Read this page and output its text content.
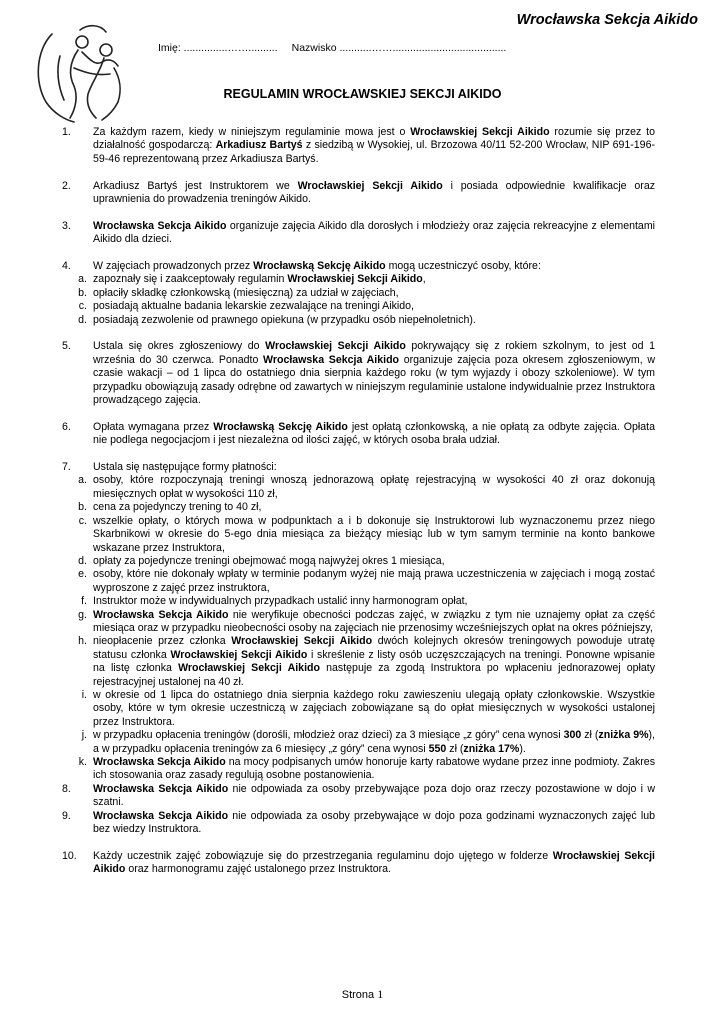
Wrocławska Sekcja Aikido
Imię: ...............…….......... Nazwisko ...........…….......................................
REGULAMIN WROCŁAWSKIEJ SEKCJI AIKIDO
1.	Za każdym razem, kiedy w niniejszym regulaminie mowa jest o Wrocławskiej Sekcji Aikido rozumie się przez to działalność gospodarczą: Arkadiusz Bartyś z siedzibą w Wysokiej, ul. Brzozowa 40/11 52-200 Wrocław, NIP 691-196-59-46 reprezentowaną przez Arkadiusza Bartyś.
2.	Arkadiusz Bartyś jest Instruktorem we Wrocławskiej Sekcji Aikido i posiada odpowiednie kwalifikacje oraz uprawnienia do prowadzenia treningów Aikido.
3.	Wrocławska Sekcja Aikido organizuje zajęcia Aikido dla dorosłych i młodzieży oraz zajęcia rekreacyjne z elementami Aikido dla dzieci.
4.	W zajęciach prowadzonych przez Wrocławską Sekcję Aikido mogą uczestniczyć osoby, które:
a. zapoznały się i zaakceptowały regulamin Wrocławskiej Sekcji Aikido,
b. opłaciły składkę członkowską (miesięczną) za udział w zajęciach,
c. posiadają aktualne badania lekarskie zezwalające na treningi Aikido,
d. posiadają zezwolenie od prawnego opiekuna (w przypadku osób niepełnoletnich).
5.	Ustala się okres zgłoszeniowy do Wrocławskiej Sekcji Aikido pokrywający się z rokiem szkolnym, to jest od 1 września do 30 czerwca. Ponadto Wrocławska Sekcja Aikido organizuje zajęcia poza okresem zgłoszeniowym, w czasie wakacji – od 1 lipca do ostatniego dnia sierpnia każdego roku (w tym wyjazdy i obozy szkoleniowe). W tym przypadku obowiązują zasady odrębne od zawartych w niniejszym regulaminie ustalone indywidualnie przez Instruktora prowadzącego zajęcia.
6.	Opłata wymagana przez Wrocławską Sekcję Aikido jest opłatą członkowską, a nie opłatą za odbyte zajęcia. Opłata nie podlega negocjacjom i jest niezależna od ilości zajęć, w których osoba brała udział.
7.	Ustala się następujące formy płatności:
a. osoby, które rozpoczynają treningi wnoszą jednorazową opłatę rejestracyjną w wysokości 40 zł oraz dokonują miesięcznych opłat w wysokości 110 zł,
b. cena za pojedynczy trening to 40 zł,
c. wszelkie opłaty, o których mowa w podpunktach a i b dokonuje się Instruktorowi lub wyznaczonemu przez niego Skarbnikowi w okresie do 5-ego dnia miesiąca za bieżący miesiąc lub w tym samym terminie na konto bankowe wskazane przez Instruktora,
d. opłaty za pojedyncze treningi obejmować mogą najwyżej okres 1 miesiąca,
e. osoby, które nie dokonały wpłaty w terminie podanym wyżej nie mają prawa uczestniczenia w zajęciach i mogą zostać wyproszone z zajęć przez instruktora,
f. Instruktor może w indywidualnych przypadkach ustalić inny harmonogram opłat,
g. Wrocławska Sekcja Aikido nie weryfikuje obecności podczas zajęć, w związku z tym nie uznajemy opłat za część miesiąca oraz w przypadku nieobecności osoby na zajęciach nie przenosimy wcześniejszych opłat na okres późniejszy,
h. nieopłacenie przez członka Wrocławskiej Sekcji Aikido dwóch kolejnych okresów treningowych powoduje utratę statusu członka Wrocławskiej Sekcji Aikido i skreślenie z listy osób uczęszczających na treningi. Ponowne wpisanie na listę członka Wrocławskiej Sekcji Aikido następuje za zgodą Instruktora po wpłaceniu jednorazowej opłaty rejestracyjnej ustalonej na 40 zł.
i. w okresie od 1 lipca do ostatniego dnia sierpnia każdego roku zawieszeniu ulegają opłaty członkowskie. Wszystkie osoby, które w tym okresie uczestniczą w zajęciach zobowiązane są do opłat miesięcznych w wysokości ustalonej przez Instruktora.
j. w przypadku opłacenia treningów (dorośli, młodzież oraz dzieci) za 3 miesiące „z góry” cena wynosi 300 zł (zniżka 9%), a w przypadku opłacenia treningów za 6 miesięcy „z góry” cena wynosi 550 zł (zniżka 17%).
k. Wrocławska Sekcja Aikido na mocy podpisanych umów honoruje karty rabatowe wydane przez inne podmioty. Zakres ich stosowania oraz zasady regulują osobne postanowienia.
8.	Wrocławska Sekcja Aikido nie odpowiada za osoby przebywające poza dojo oraz rzeczy pozostawione w dojo i w szatni.
9.	Wrocławska Sekcja Aikido nie odpowiada za osoby przebywające w dojo poza godzinami wyznaczonych zajęć lub bez wiedzy Instruktora.
10.	Każdy uczestnik zajęć zobowiązuje się do przestrzegania regulaminu dojo ujętego w folderze Wrocławskiej Sekcji Aikido oraz harmonogramu zajęć ustalonego przez Instruktora.
Strona 1
